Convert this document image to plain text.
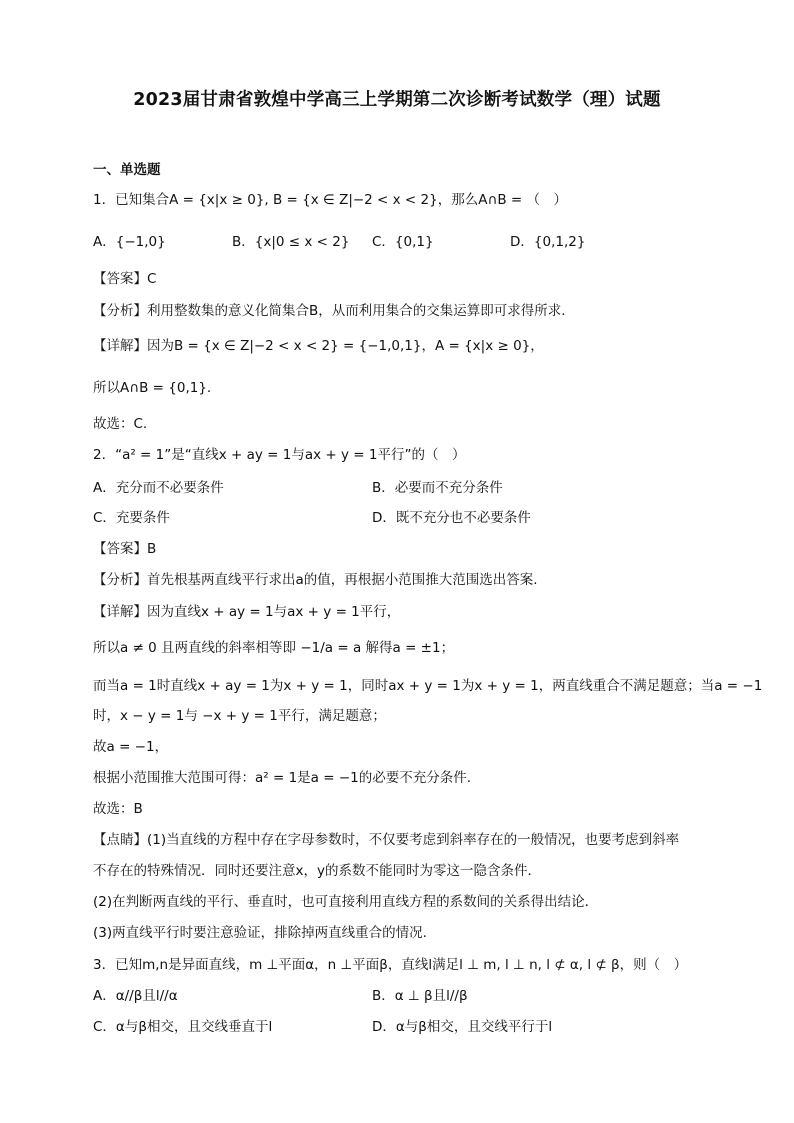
2023届甘肃省敦煌中学高三上学期第二次诊断考试数学（理）试题
一、单选题
1．已知集合A = {x|x ≥ 0}, B = {x ∈ Z|−2 < x < 2}，那么A∩B = （　）
A．{−1,0}	B．{x|0 ≤ x < 2} C．{0,1}	D．{0,1,2}
【答案】C
【分析】利用整数集的意义化简集合B，从而利用集合的交集运算即可求得所求.
【详解】因为B = {x ∈ Z|−2 < x < 2} = {−1,0,1}，A = {x|x ≥ 0}，
所以A∩B = {0,1}.
故选：C.
2．“a² = 1”是“直线x + ay = 1与ax + y = 1平行”的（　）
A．充分而不必要条件	B．必要而不充分条件
C．充要条件	D．既不充分也不必要条件
【答案】B
【分析】首先根基两直线平行求出a的值，再根据小范围推大范围选出答案.
【详解】因为直线x + ay = 1与ax + y = 1平行，
所以a ≠ 0 且两直线的斜率相等即 −1/a = a 解得a = ±1；
而当a = 1时直线x + ay = 1为x + y = 1，同时ax + y = 1为x + y = 1，两直线重合不满足题意；当a = −1
时，x − y = 1与 −x + y = 1平行，满足题意；
故a = −1，
根据小范围推大范围可得：a² = 1是a = −1的必要不充分条件.
故选：B
【点睛】(1)当直线的方程中存在字母参数时，不仅要考虑到斜率存在的一般情况，也要考虑到斜率
不存在的特殊情况．同时还要注意x，y的系数不能同时为零这一隐含条件．
(2)在判断两直线的平行、垂直时，也可直接利用直线方程的系数间的关系得出结论．
(3)两直线平行时要注意验证，排除掉两直线重合的情况.
3．已知m,n是异面直线，m ⊥平面α，n ⊥平面β，直线l满足l ⊥ m, l ⊥ n, l ⊄ α, l ⊄ β，则（　）
A．α//β且l//α	B．α ⊥ β且l//β
C．α与β相交，且交线垂直于l	D．α与β相交，且交线平行于l
